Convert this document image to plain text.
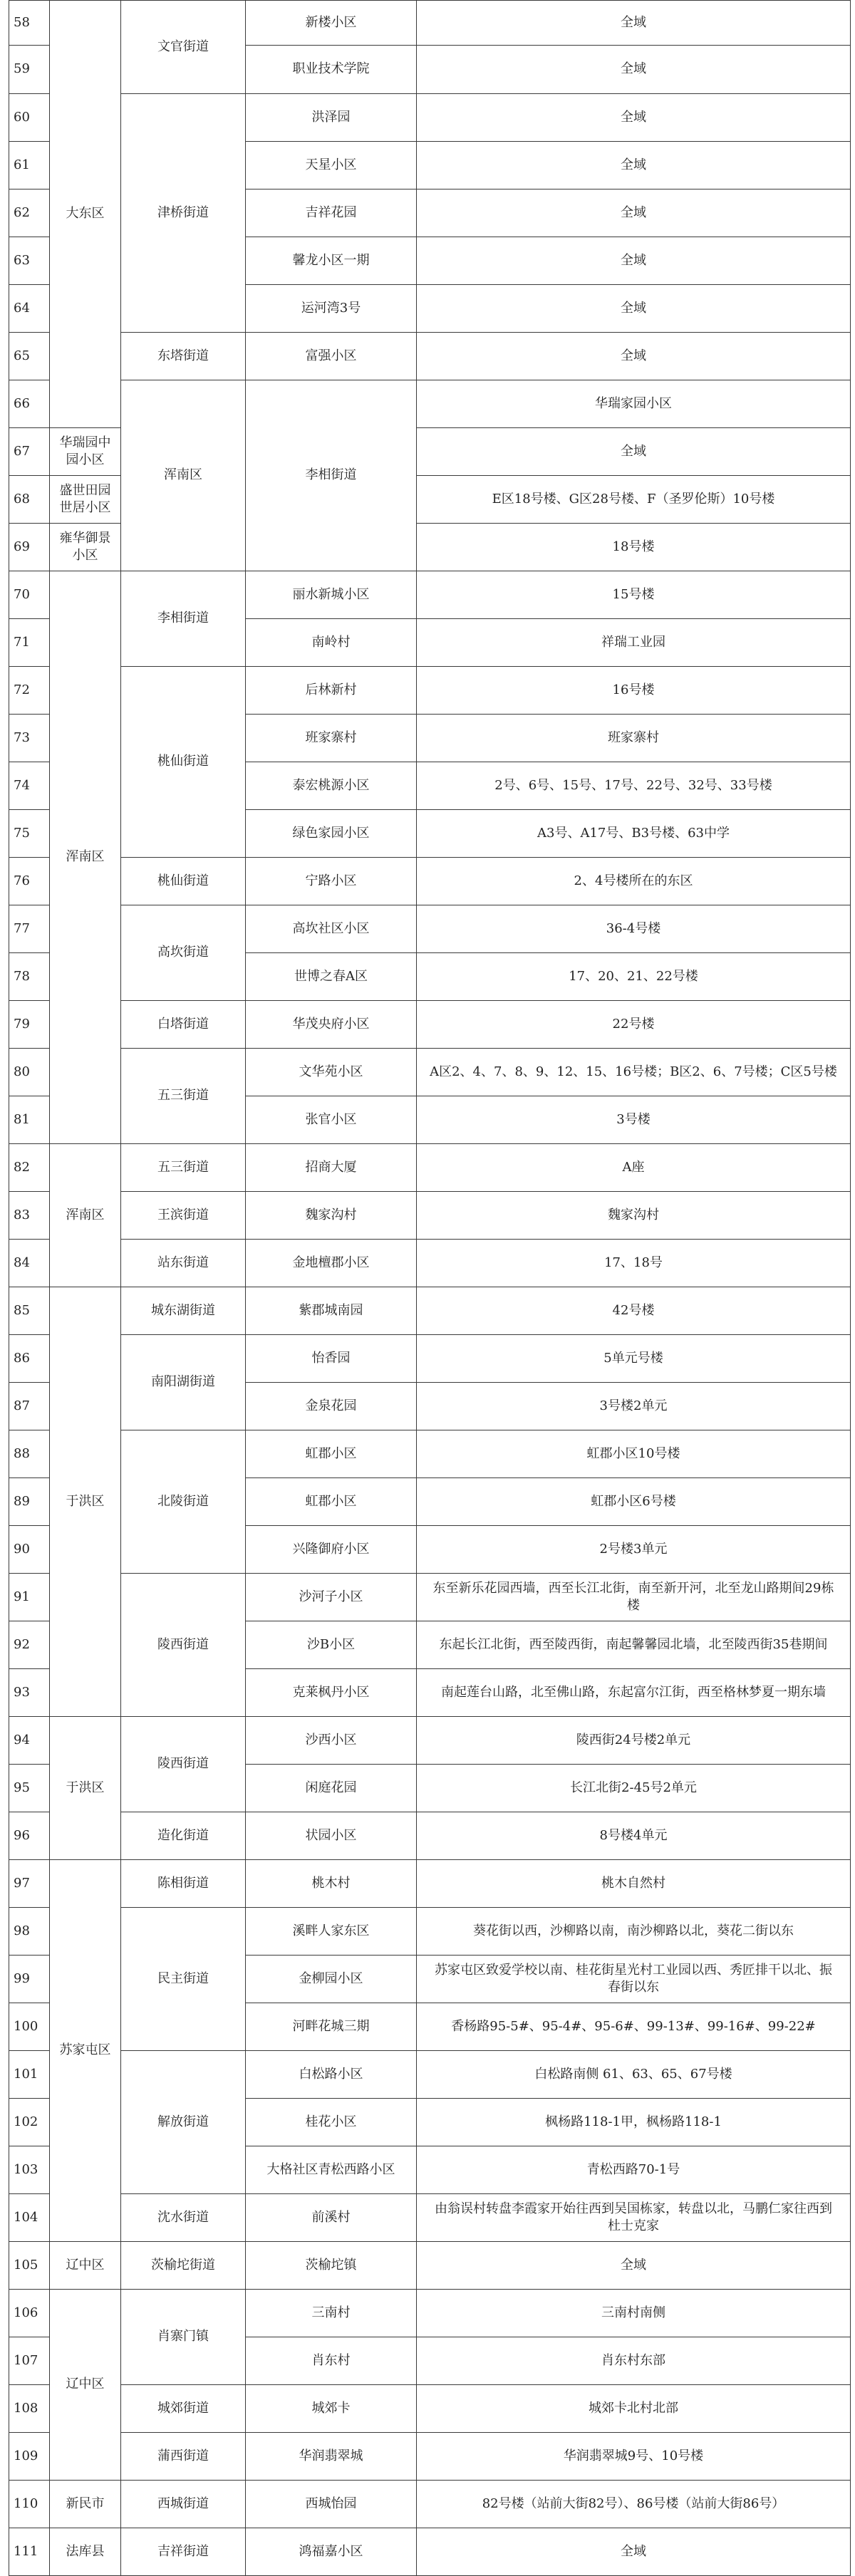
58	大东区	文官街道	新楼小区	全域	
59			职业技术学院	全域	
60		津桥街道	洪泽园	全域	
61			天星小区	全域	
62			吉祥花园	全域	
63			馨龙小区一期	全域	
64			运河湾3号	全域	
65		东塔街道	富强小区	全域	
66		浑南区	李相街道	华瑞家园小区	
67	华瑞园中园小区			全域	
68	盛世田园世居小区			E区18号楼、G区28号楼、F（圣罗伦斯）10号楼	
69	雍华御景小区			18号楼	
70	浑南区	李相街道	丽水新城小区	15号楼	
71			南岭村	祥瑞工业园	
72		桃仙街道	后林新村	16号楼	
73			班家寨村	班家寨村	
74			泰宏桃源小区	2号、6号、15号、17号、22号、32号、33号楼	
75			绿色家园小区	A3号、A17号、B3号楼、63中学	
76		桃仙街道	宁路小区	2、4号楼所在的东区	
77		高坎街道	高坎社区小区	36-4号楼	
78			世博之春A区	17、20、21、22号楼	
79		白塔街道	华茂央府小区	22号楼	
80		五三街道	文华苑小区	A区2、4、7、8、9、12、15、16号楼；B区2、6、7号楼；C区5号楼	
81			张官小区	3号楼	
82	浑南区	五三街道	招商大厦	A座	
83		王滨街道	魏家沟村	魏家沟村	
84		站东街道	金地檀郡小区	17、18号	
85	于洪区	城东湖街道	紫郡城南园	42号楼	
86		南阳湖街道	怡香园	5单元号楼	
87			金泉花园	3号楼2单元	
88		北陵街道	虹郡小区	虹郡小区10号楼	
89			虹郡小区	虹郡小区6号楼	
90			兴隆御府小区	2号楼3单元	
91		陵西街道	沙河子小区	东至新乐花园西墙，西至长江北街，南至新开河，北至龙山路期间29栋楼	
92			沙B小区	东起长江北街，西至陵西街，南起馨馨园北墙，北至陵西街35巷期间	
93			克莱枫丹小区	南起莲台山路，北至佛山路，东起富尔江街，西至格林梦夏一期东墙	
94	于洪区	陵西街道	沙西小区	陵西街24号楼2单元	
95			闲庭花园	长江北街2-45号2单元	
96		造化街道	状园小区	8号楼4单元	
97	苏家屯区	陈相街道	桃木村	桃木自然村	
98		民主街道	溪畔人家东区	葵花街以西，沙柳路以南，南沙柳路以北，葵花二街以东	
99			金柳园小区	苏家屯区致爱学校以南、桂花街星光村工业园以西、秀匠排干以北、振春街以东	
100			河畔花城三期	香杨路95-5#、95-4#、95-6#、99-13#、99-16#、99-22#	
101		解放街道	白松路小区	白松路南侧 61、63、65、67号楼	
102			桂花小区	枫杨路118-1甲，枫杨路118-1	
103			大格社区青松西路小区	青松西路70-1号	
104		沈水街道	前溪村	由翁误村转盘李霞家开始往西到吴国栋家，转盘以北，马鹏仁家往西到杜士克家	
105	辽中区	茨榆坨街道	茨榆坨镇	全域	
106	辽中区	肖寨门镇	三南村	三南村南侧	
107			肖东村	肖东村东部	
108		城郊街道	城郊卡	城郊卡北村北部	
109		蒲西街道	华润翡翠城	华润翡翠城9号、10号楼	
110	新民市	西城街道	西城怡园	82号楼（站前大街82号）、86号楼（站前大街86号）	
111	法库县	吉祥街道	鸿福嘉小区	全域	
